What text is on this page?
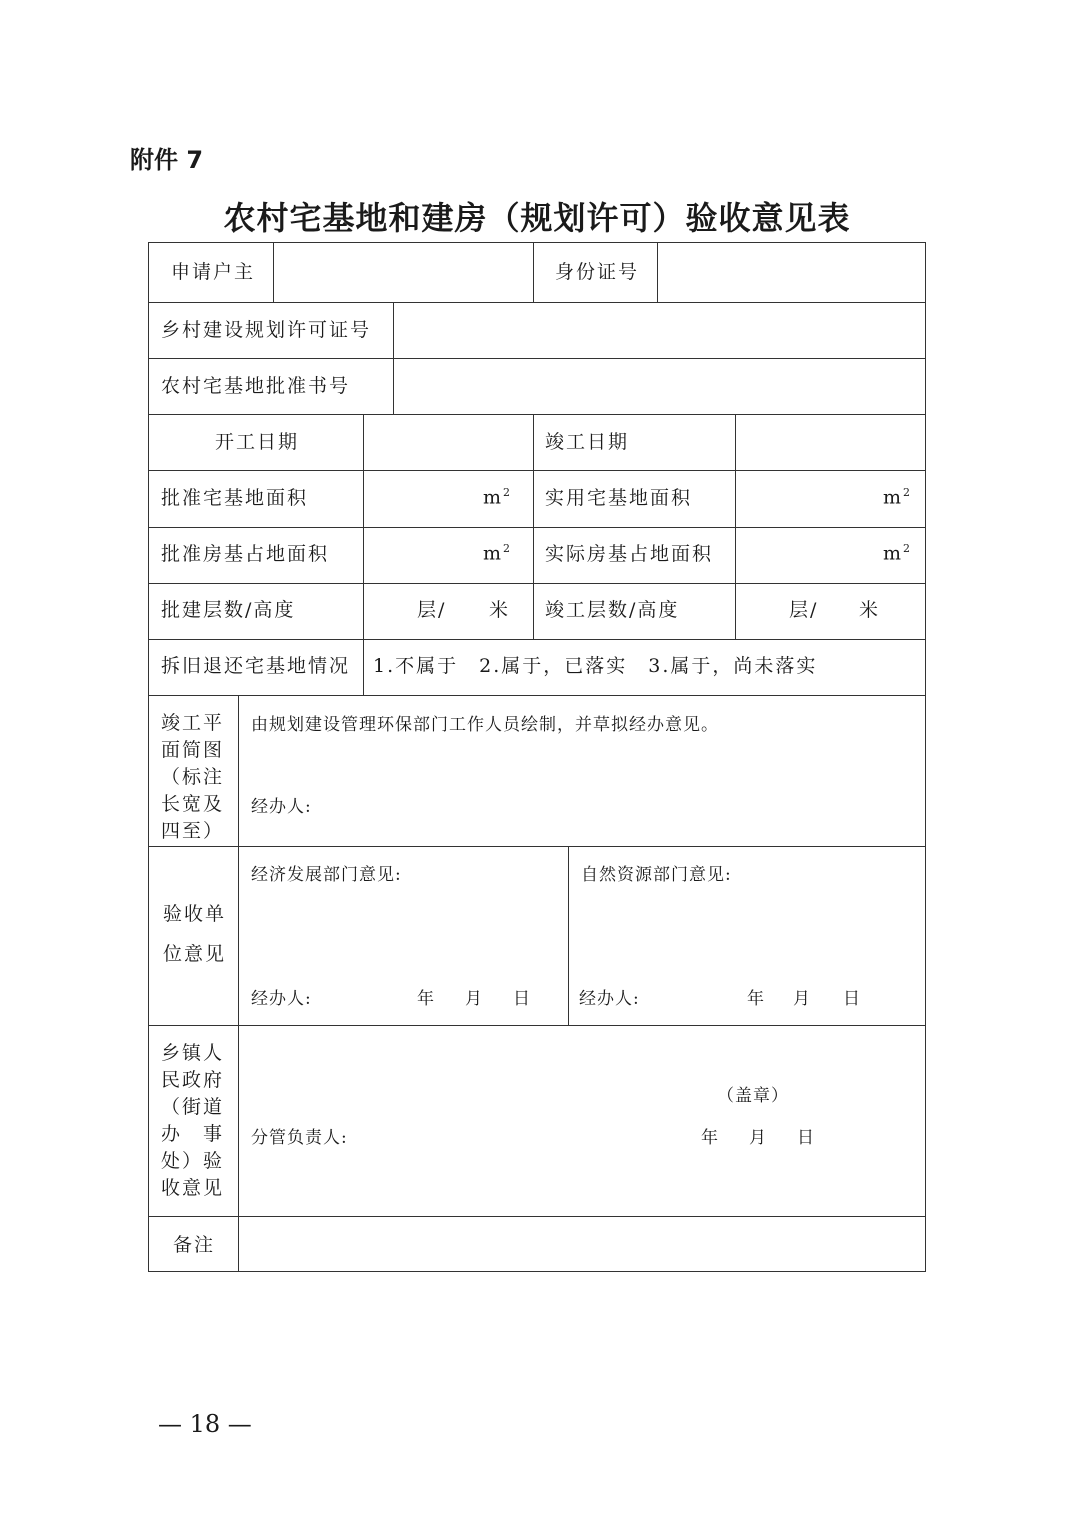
附件 7
农村宅基地和建房（规划许可）验收意见表
申请户主	身份证号
乡村建设规划许可证号
农村宅基地批准书号
开工日期	竣工日期
批准宅基地面积	$m^2$ 实用宅基地面积	$m^2$
批准房基占地面积	$m^2$ 实际房基占地面积	$m^2$
批建层数/高度	层/ 米 竣工层数/高度	层/ 米
拆旧退还宅基地情况 1.不属于　2.属于，已落实　3.属于，尚未落实
竣工平
面简图
（标注
长宽及
四至）
由规划建设管理环保部门工作人员绘制，并草拟经办意见。
经办人:
验收单
位意见
经济发展部门意见:
经办人:	年 月 日
自然资源部门意见:
经办人:	年 月 日
乡镇人
民政府
（街道
办　事
处）验
收意见
（盖章）
分管负责人:	年 月 日
备注
— 18 —
